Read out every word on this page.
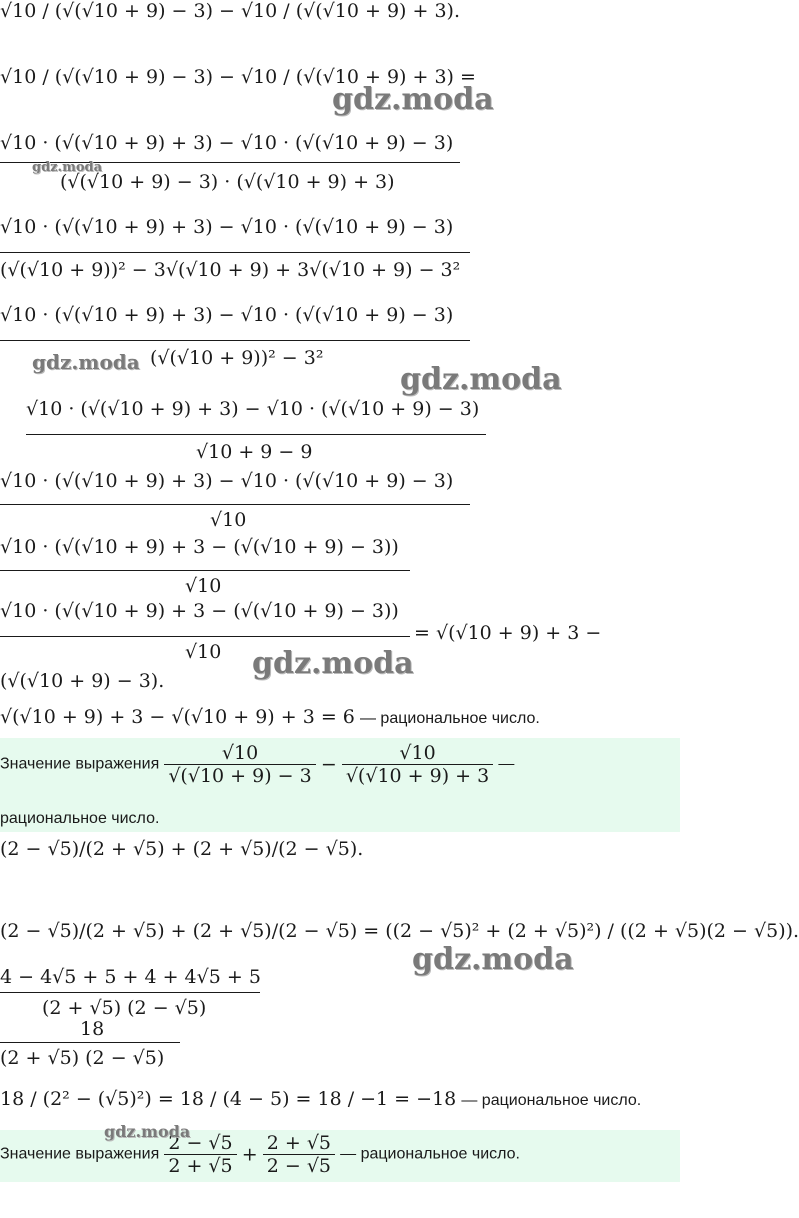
√10 / (√(√10 + 9) − 3) − √10 / (√(√10 + 9) + 3).
√10 / (√(√10 + 9) − 3) − √10 / (√(√10 + 9) + 3) =
√10 · (√(√10 + 9) + 3) − √10 · (√(√10 + 9) − 3)
(√(√10 + 9) − 3) · (√(√10 + 9) + 3)
√10 · (√(√10 + 9) + 3) − √10 · (√(√10 + 9) − 3)
(√(√10 + 9))² − 3√(√10 + 9) + 3√(√10 + 9) − 3²
√10 · (√(√10 + 9) + 3) − √10 · (√(√10 + 9) − 3)
(√(√10 + 9))² − 3²
√10 · (√(√10 + 9) + 3) − √10 · (√(√10 + 9) − 3)
√10 + 9 − 9
√10 · (√(√10 + 9) + 3) − √10 · (√(√10 + 9) − 3)
√10
√10 · (√(√10 + 9) + 3 − (√(√10 + 9) − 3))
√10
√10 · (√(√10 + 9) + 3 − (√(√10 + 9) − 3))
√10
= √(√10 + 9) + 3 −
(√(√10 + 9) − 3).
√(√10 + 9) + 3 − √(√10 + 9) + 3 = 6 — рациональное число.
Значение выражения $\frac{√10}{√(√10 + 9) - 3} - \frac{√10}{√(√10 + 9) + 3}$ —
рациональное число.
(2 − √5)/(2 + √5) + (2 + √5)/(2 − √5).
(2 − √5)/(2 + √5) + (2 + √5)/(2 − √5) = ((2 − √5)² + (2 + √5)²) / ((2 + √5)(2 − √5)).
4 − 4√5 + 5 + 4 + 4√5 + 5
(2 + √5) (2 − √5)
18
(2 + √5) (2 − √5)
18 / (2² − (√5)²) = 18 / (4 − 5) = 18 / −1 = −18 — рациональное число.
Значение выражения $\frac{2 - √5}{2 + √5} + \frac{2 + √5}{2 - √5}$ — рациональное число.
gdz.moda
gdz.moda
gdz.moda	gdz.moda
gdz.moda
gdz.moda
gdz.moda
